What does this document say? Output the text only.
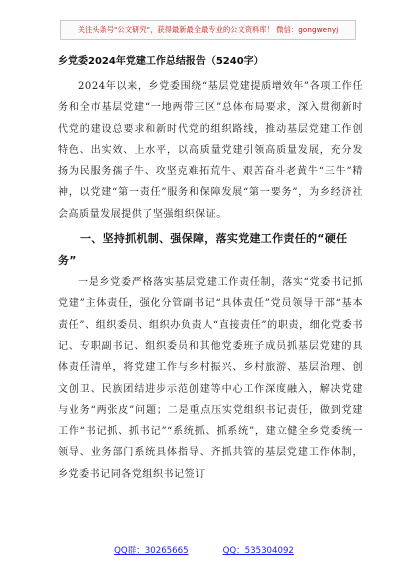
关注头条号"公文研究"，获得最新最全最专业的公文资料库！ 微信：gongwenyj
乡党委2024年党建工作总结报告（5240字）

2024年以来，乡党委围绕“基层党建提质增效年”各项工作任务和全市基层党建“一地两带三区”总体布局要求，深入贯彻新时代党的建设总要求和新时代党的组织路线，推动基层党建工作创特色、出实效、上水平，以高质量党建引领高质量发展，充分发扬为民服务孺子牛、攻坚克难拓荒牛、艰苦奋斗老黄牛“三牛”精神，以党建“第一责任”服务和保障发展“第一要务”，为乡经济社会高质量发展提供了坚强组织保证。

一、坚持抓机制、强保障，落实党建工作责任的“硬任务”

一是乡党委严格落实基层党建工作责任制，落实“党委书记抓党建”主体责任，强化分管副书记“具体责任”党员领导干部“基本责任”、组织委员、组织办负责人“直接责任”的职责，细化党委书记、专职副书记、组织委员和其他党委班子成员抓基层党建的具体责任清单，将党建工作与乡村振兴、乡村旅游、基层治理、创文创卫、民族团结进步示范创建等中心工作深度融入，解决党建与业务“两张皮”问题；二是重点压实党组织书记责任，做到党建工作“书记抓、抓书记”“系统抓、抓系统”，建立健全乡党委统一领导、业务部门系统具体指导、齐抓共管的基层党建工作体制，乡党委书记同各党组织书记签订

QQ群：30265665	QQ：535304092
